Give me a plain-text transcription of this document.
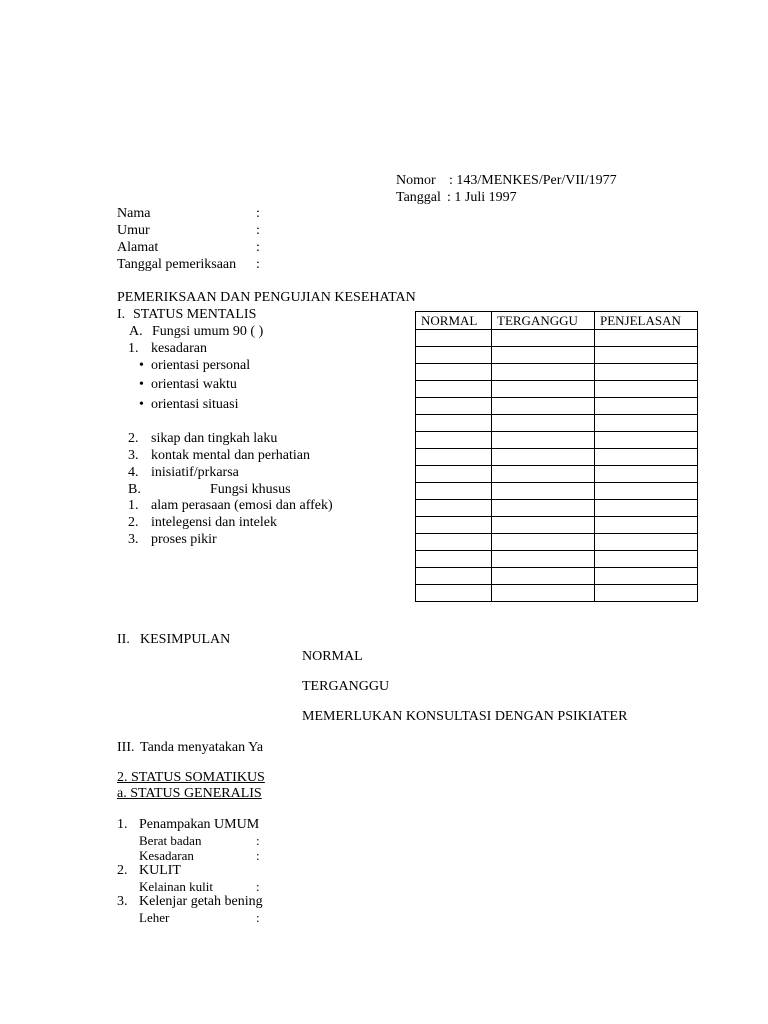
Nomor : 143/MENKES/Per/VII/1977
Tanggal : 1 Juli 1997
Nama	:
Umur	:
Alamat	:
Tanggal pemeriksaan :
PEMERIKSAAN DAN PENGUJIAN KESEHATAN
I. STATUS MENTALIS
A. Fungsi umum 90 ( )
1. kesadaran
• orientasi personal
• orientasi waktu
• orientasi situasi
2. sikap dan tingkah laku
3. kontak mental dan perhatian
4. inisiatif/prkarsa
B.	Fungsi khusus
1. alam perasaan (emosi dan affek)
2. intelegensi dan intelek
3. proses pikir
NORMAL	TERGANGGU	PENJELASAN

II. KESIMPULAN
NORMAL
TERGANGGU
MEMERLUKAN KONSULTASI DENGAN PSIKIATER
III. Tanda menyatakan Ya
2. STATUS SOMATIKUS
a. STATUS GENERALIS
1. Penampakan UMUM
Berat badan	:
Kesadaran	:
2. KULIT
Kelainan kulit	:
3. Kelenjar getah bening
Leher	:
